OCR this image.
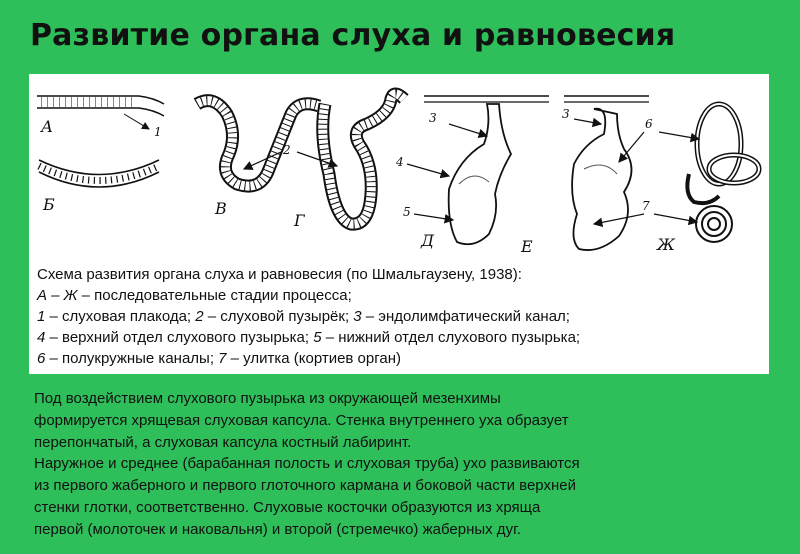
Развитие органа слуха и равновесия
А
Б	В
Г
Д	Е	Ж
1
2
3	3
4
5
6
7
Схема развития органа слуха и равновесия (по Шмальгаузену, 1938):
А – Ж – последовательные стадии процесса;
1 – слуховая плакода; 2 – слуховой пузырёк; 3 – эндолимфатический канал;
4 – верхний отдел слухового пузырька; 5 – нижний отдел слухового пузырька;
6 – полукружные каналы; 7 – улитка (кортиев орган)
Под воздействием слухового пузырька из окружающей мезенхимы
формируется хрящевая слуховая капсула. Стенка внутреннего уха образует
перепончатый, а слуховая капсула костный лабиринт.
Наружное и среднее (барабанная полость и слуховая труба) ухо развиваются
из первого жаберного и первого глоточного кармана и боковой части верхней
стенки глотки, соответственно. Слуховые косточки образуются из хряща
первой (молоточек и наковальня) и второй (стремечко) жаберных дуг.
